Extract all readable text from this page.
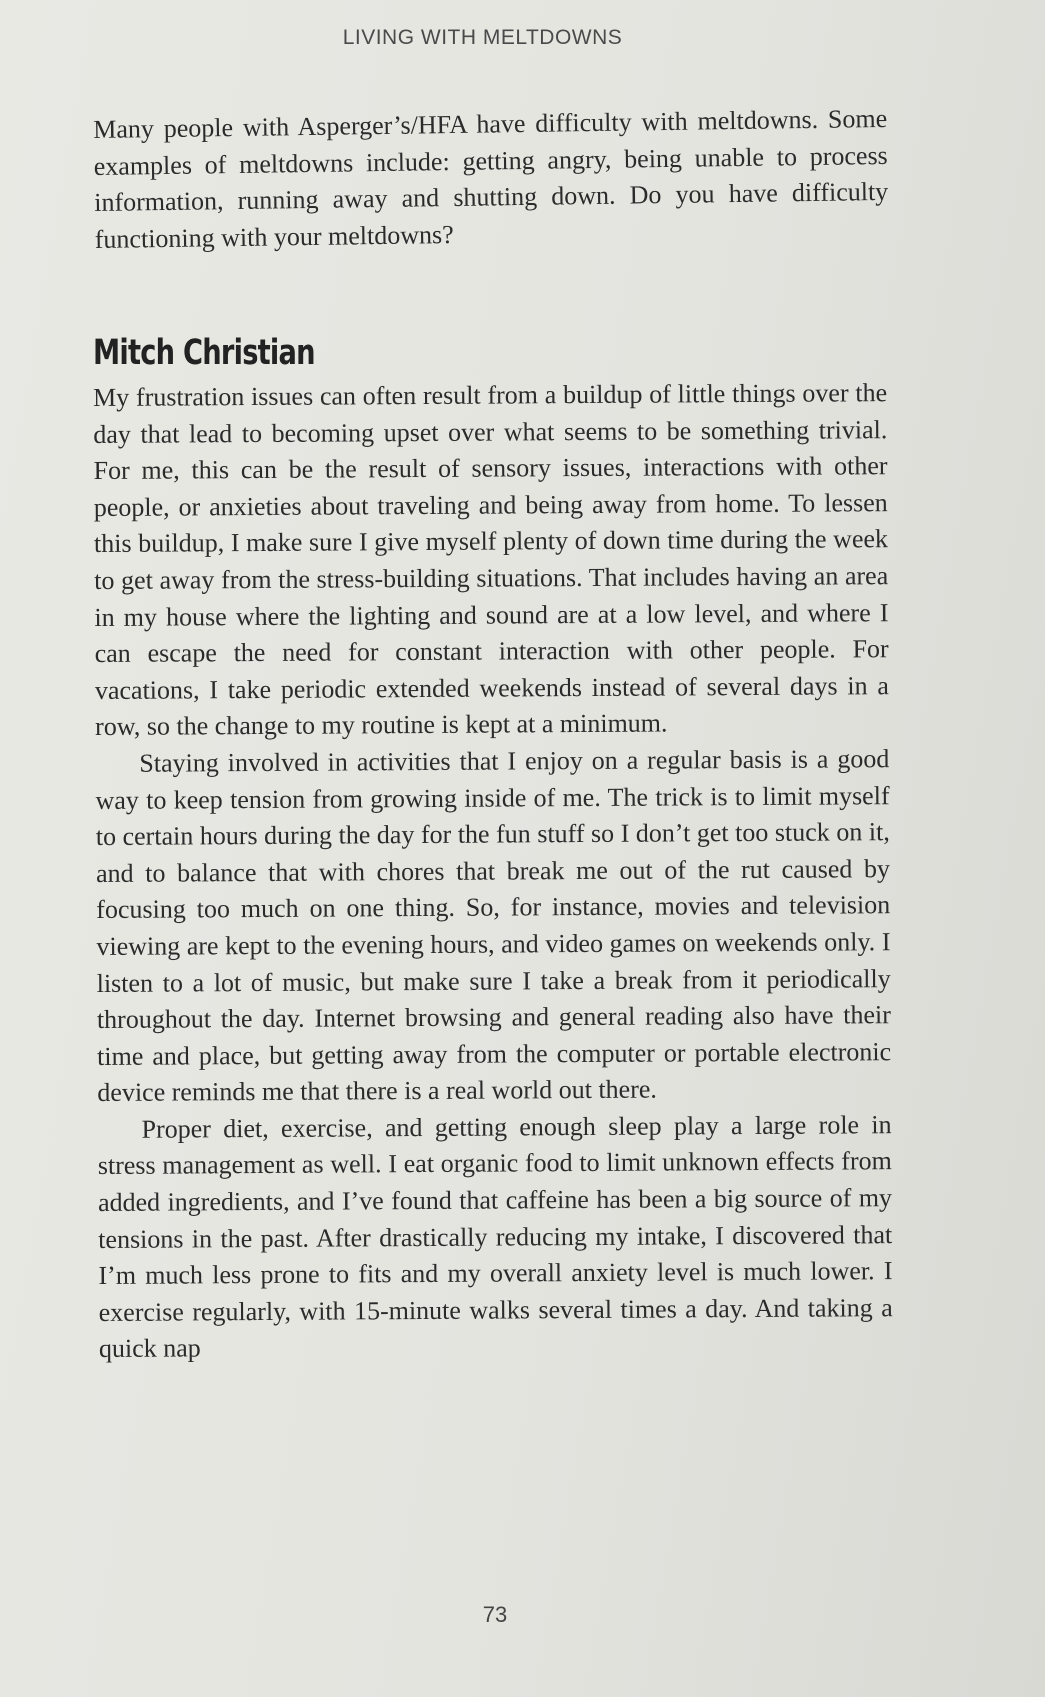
LIVING WITH MELTDOWNS
Many people with Asperger’s/HFA have difficulty with meltdowns. Some examples of meltdowns include: getting angry, being unable to process information, running away and shutting down. Do you have difficulty functioning with your meltdowns?
Mitch Christian

My frustration issues can often result from a buildup of little things over the day that lead to becoming upset over what seems to be something trivial. For me, this can be the result of sensory issues, interactions with other people, or anxieties about traveling and being away from home. To lessen this buildup, I make sure I give myself plenty of down time during the week to get away from the stress-building situations. That includes having an area in my house where the lighting and sound are at a low level, and where I can escape the need for constant interaction with other people. For vacations, I take periodic extended weekends instead of several days in a row, so the change to my routine is kept at a minimum.

Staying involved in activities that I enjoy on a regular basis is a good way to keep tension from growing inside of me. The trick is to limit myself to certain hours during the day for the fun stuff so I don’t get too stuck on it, and to balance that with chores that break me out of the rut caused by focusing too much on one thing. So, for instance, movies and television viewing are kept to the evening hours, and video games on weekends only. I listen to a lot of music, but make sure I take a break from it periodically throughout the day. Internet browsing and general reading also have their time and place, but getting away from the computer or portable electronic device reminds me that there is a real world out there.

Proper diet, exercise, and getting enough sleep play a large role in stress management as well. I eat organic food to limit unknown effects from added ingredients, and I’ve found that caffeine has been a big source of my tensions in the past. After drastically reducing my intake, I discovered that I’m much less prone to fits and my overall anxiety level is much lower. I exercise regularly, with 15-minute walks several times a day. And taking a quick nap

73
